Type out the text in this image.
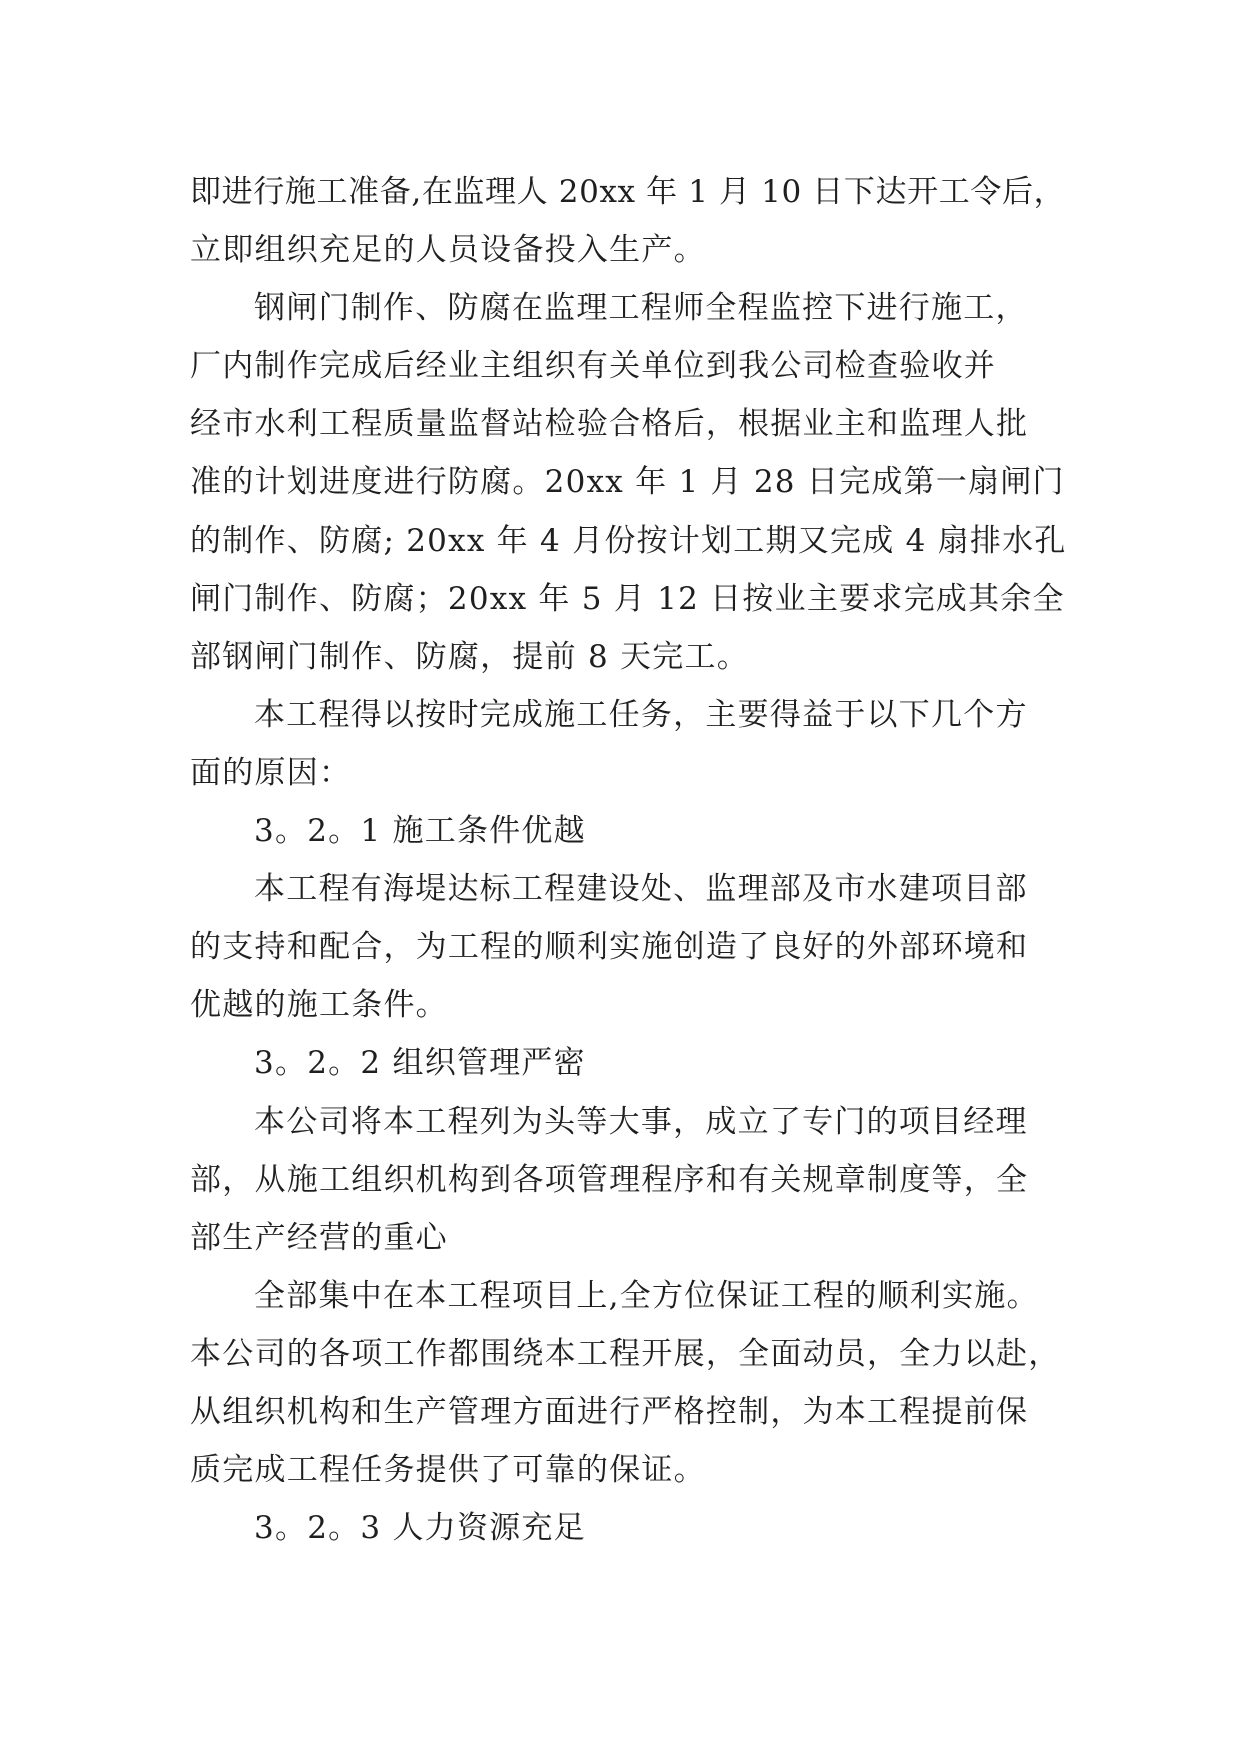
即进行施工准备,在监理人 20xx 年 1 月 10 日下达开工令后，
立即组织充足的人员设备投入生产。
钢闸门制作、防腐在监理工程师全程监控下进行施工，
厂内制作完成后经业主组织有关单位到我公司检查验收并
经市水利工程质量监督站检验合格后，根据业主和监理人批
准的计划进度进行防腐。20xx 年 1 月 28 日完成第一扇闸门
的制作、防腐; 20xx 年 4 月份按计划工期又完成 4 扇排水孔
闸门制作、防腐；20xx 年 5 月 12 日按业主要求完成其余全
部钢闸门制作、防腐，提前 8 天完工。
本工程得以按时完成施工任务，主要得益于以下几个方
面的原因：
3。2。1 施工条件优越
本工程有海堤达标工程建设处、监理部及市水建项目部
的支持和配合，为工程的顺利实施创造了良好的外部环境和
优越的施工条件。
3。2。2 组织管理严密
本公司将本工程列为头等大事，成立了专门的项目经理
部，从施工组织机构到各项管理程序和有关规章制度等，全
部生产经营的重心
全部集中在本工程项目上,全方位保证工程的顺利实施。
本公司的各项工作都围绕本工程开展，全面动员，全力以赴，
从组织机构和生产管理方面进行严格控制，为本工程提前保
质完成工程任务提供了可靠的保证。
3。2。3 人力资源充足
